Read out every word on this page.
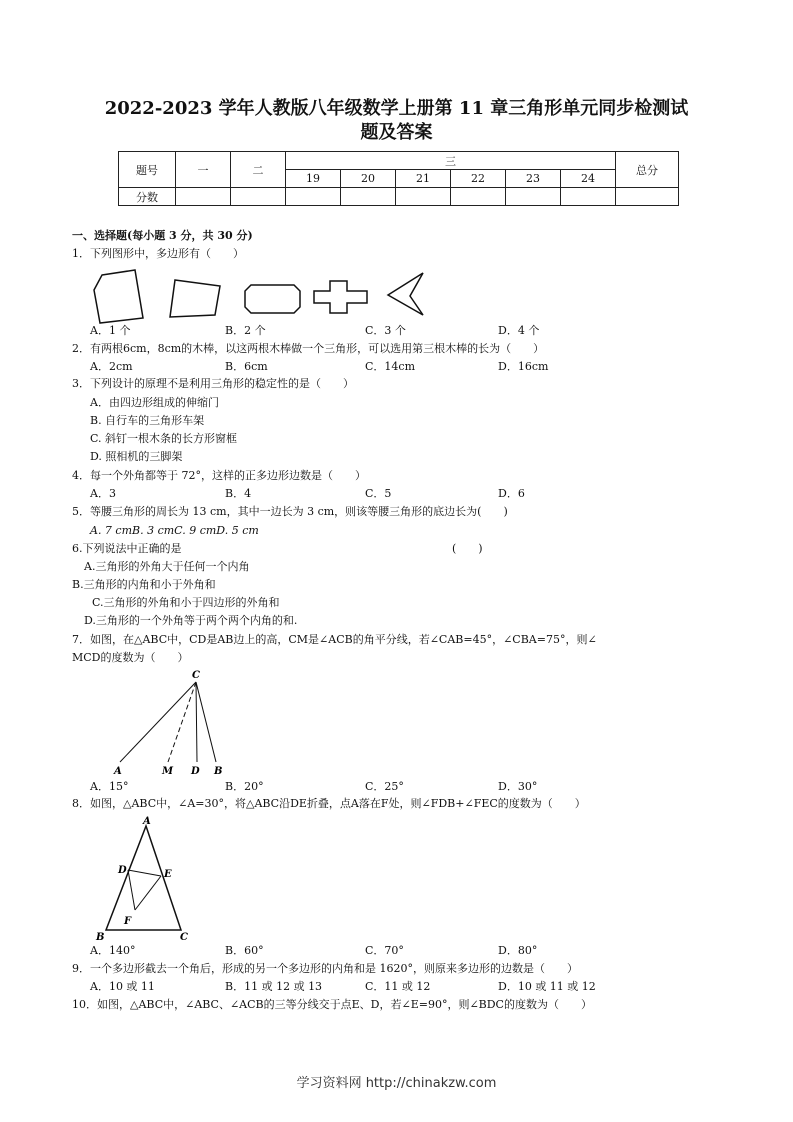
2022-2023 学年人教版八年级数学上册第 11 章三角形单元同步检测试
题及答案
题号	一	二	三						总分
			19	20	21	22	23	24	
分数									
一、选择题(每小题 3 分，共 30 分)
1．下列图形中，多边形有（　　）
A．1 个	B．2 个	C．3 个	D．4 个
2．有两根6cm，8cm的木棒，以这两根木棒做一个三角形，可以选用第三根木棒的长为（　　）
A．2cm	B．6cm	C．14cm	D．16cm
3．下列设计的原理不是利用三角形的稳定性的是（　　）
A．由四边形组成的伸缩门
B. 自行车的三角形车架
C. 斜钉一根木条的长方形窗框
D. 照相机的三脚架
4．每一个外角都等于 72°，这样的正多边形边数是（　　）
A．3	B．4	C．5	D．6
5．等腰三角形的周长为 13 cm，其中一边长为 3 cm，则该等腰三角形的底边长为(　　)
A. 7 cmB. 3 cmC. 9 cmD. 5 cm
6.下列说法中正确的是	(　　)
A.三角形的外角大于任何一个内角
B.三角形的内角和小于外角和
C.三角形的外角和小于四边形的外角和
D.三角形的一个外角等于两个两个内角的和.
7．如图，在△ABC中，CD是AB边上的高，CM是∠ACB的角平分线，若∠CAB=45°，∠CBA=75°，则∠
MCD的度数为（　　）
C
A	M D B
A．15°	B．20°	C．25°	D．30°
8．如图，△ABC中，∠A=30°，将△ABC沿DE折叠，点A落在F处，则∠FDB+∠FEC的度数为（　　）
A
D	E
F
B	C
A．140°	B．60°	C．70°	D．80°
9．一个多边形截去一个角后，形成的另一个多边形的内角和是 1620°，则原来多边形的边数是（　　）
A．10 或 11	B．11 或 12 或 13	C．11 或 12	D．10 或 11 或 12
10．如图，△ABC中，∠ABC、∠ACB的三等分线交于点E、D，若∠E=90°，则∠BDC的度数为（　　）
学习资料网 http://chinakzw.com
